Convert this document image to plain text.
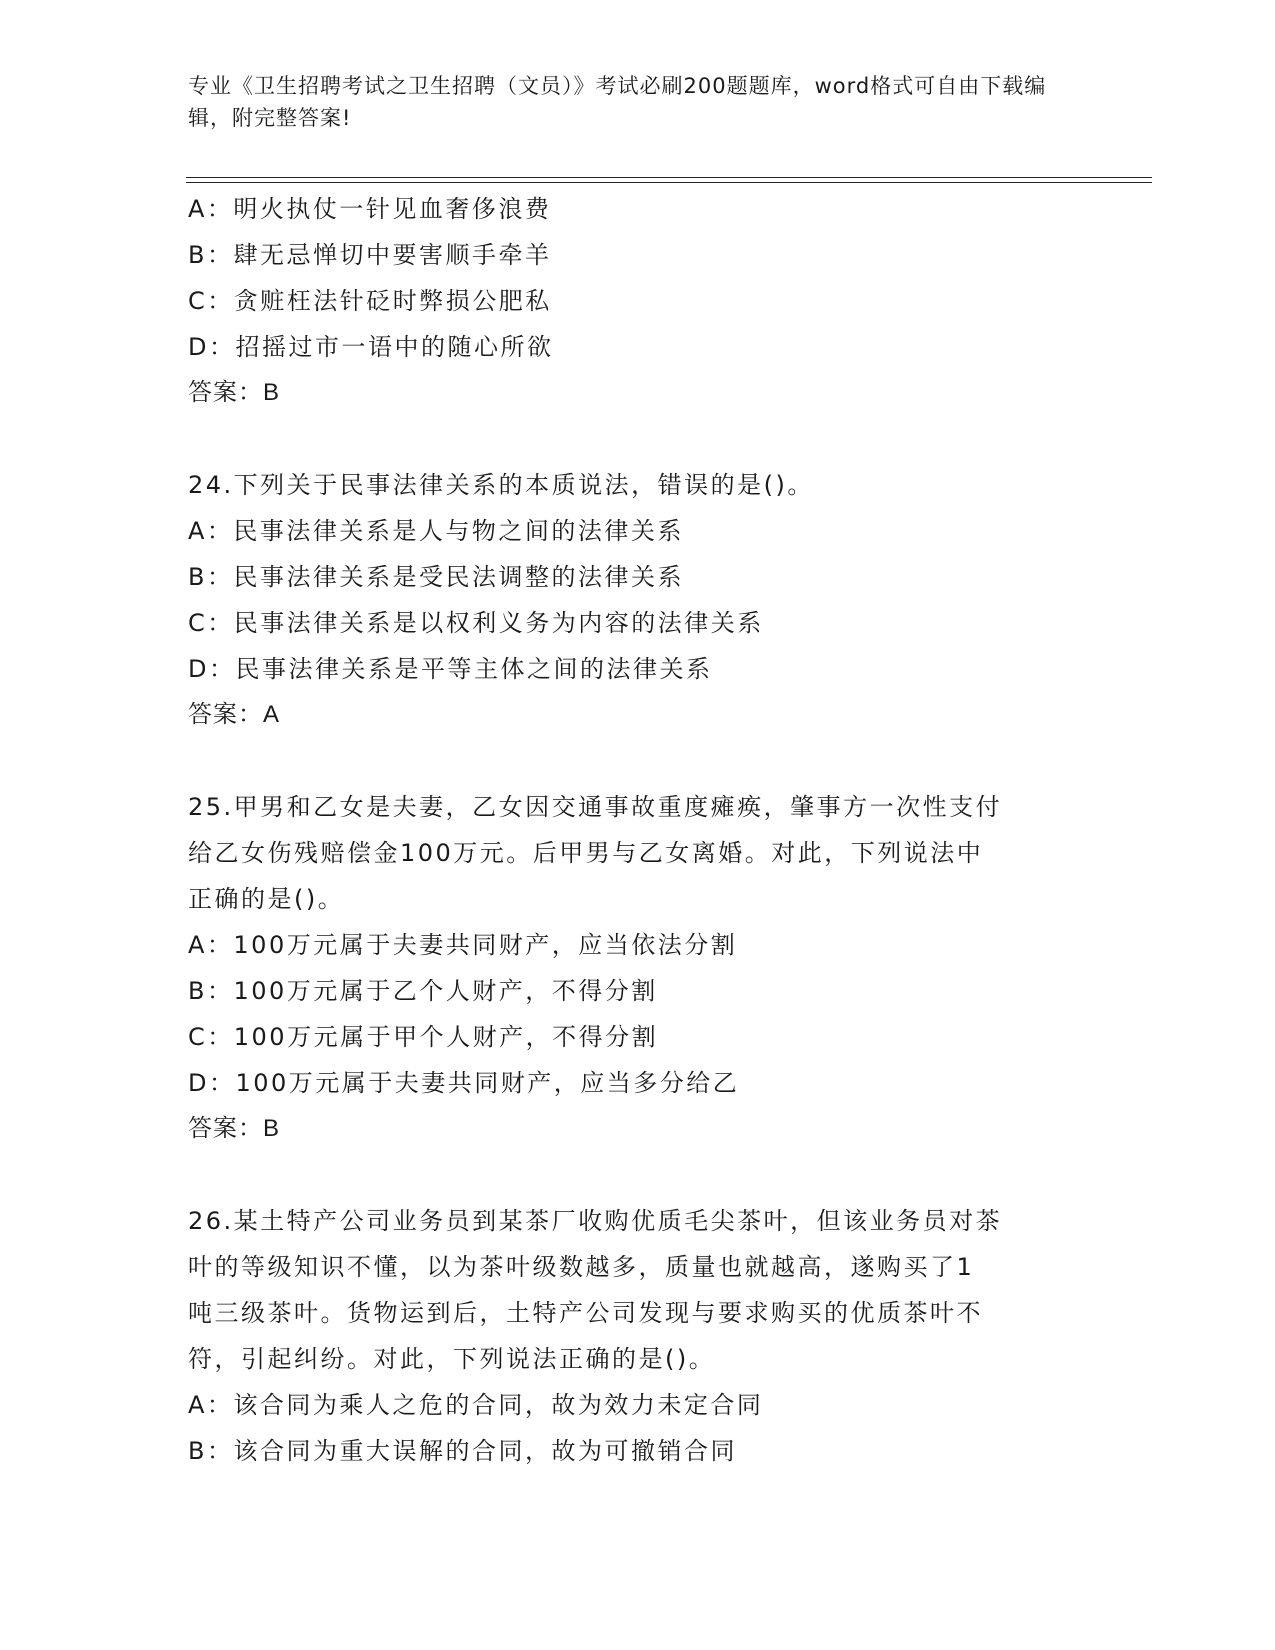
专业《卫生招聘考试之卫生招聘（文员）》考试必刷200题题库，word格式可自由下载编辑，附完整答案!
A：明火执仗一针见血奢侈浪费
B：肆无忌惮切中要害顺手牵羊
C：贪赃枉法针砭时弊损公肥私
D：招摇过市一语中的随心所欲
答案：B
24.下列关于民事法律关系的本质说法，错误的是()。
A：民事法律关系是人与物之间的法律关系
B：民事法律关系是受民法调整的法律关系
C：民事法律关系是以权利义务为内容的法律关系
D：民事法律关系是平等主体之间的法律关系
答案：A
25.甲男和乙女是夫妻，乙女因交通事故重度瘫痪，肇事方一次性支付
给乙女伤残赔偿金100万元。后甲男与乙女离婚。对此，下列说法中
正确的是()。
A：100万元属于夫妻共同财产，应当依法分割
B：100万元属于乙个人财产，不得分割
C：100万元属于甲个人财产，不得分割
D：100万元属于夫妻共同财产，应当多分给乙
答案：B
26.某土特产公司业务员到某茶厂收购优质毛尖茶叶，但该业务员对茶
叶的等级知识不懂，以为茶叶级数越多，质量也就越高，遂购买了1
吨三级茶叶。货物运到后，土特产公司发现与要求购买的优质茶叶不
符，引起纠纷。对此，下列说法正确的是()。
A：该合同为乘人之危的合同，故为效力未定合同
B：该合同为重大误解的合同，故为可撤销合同
